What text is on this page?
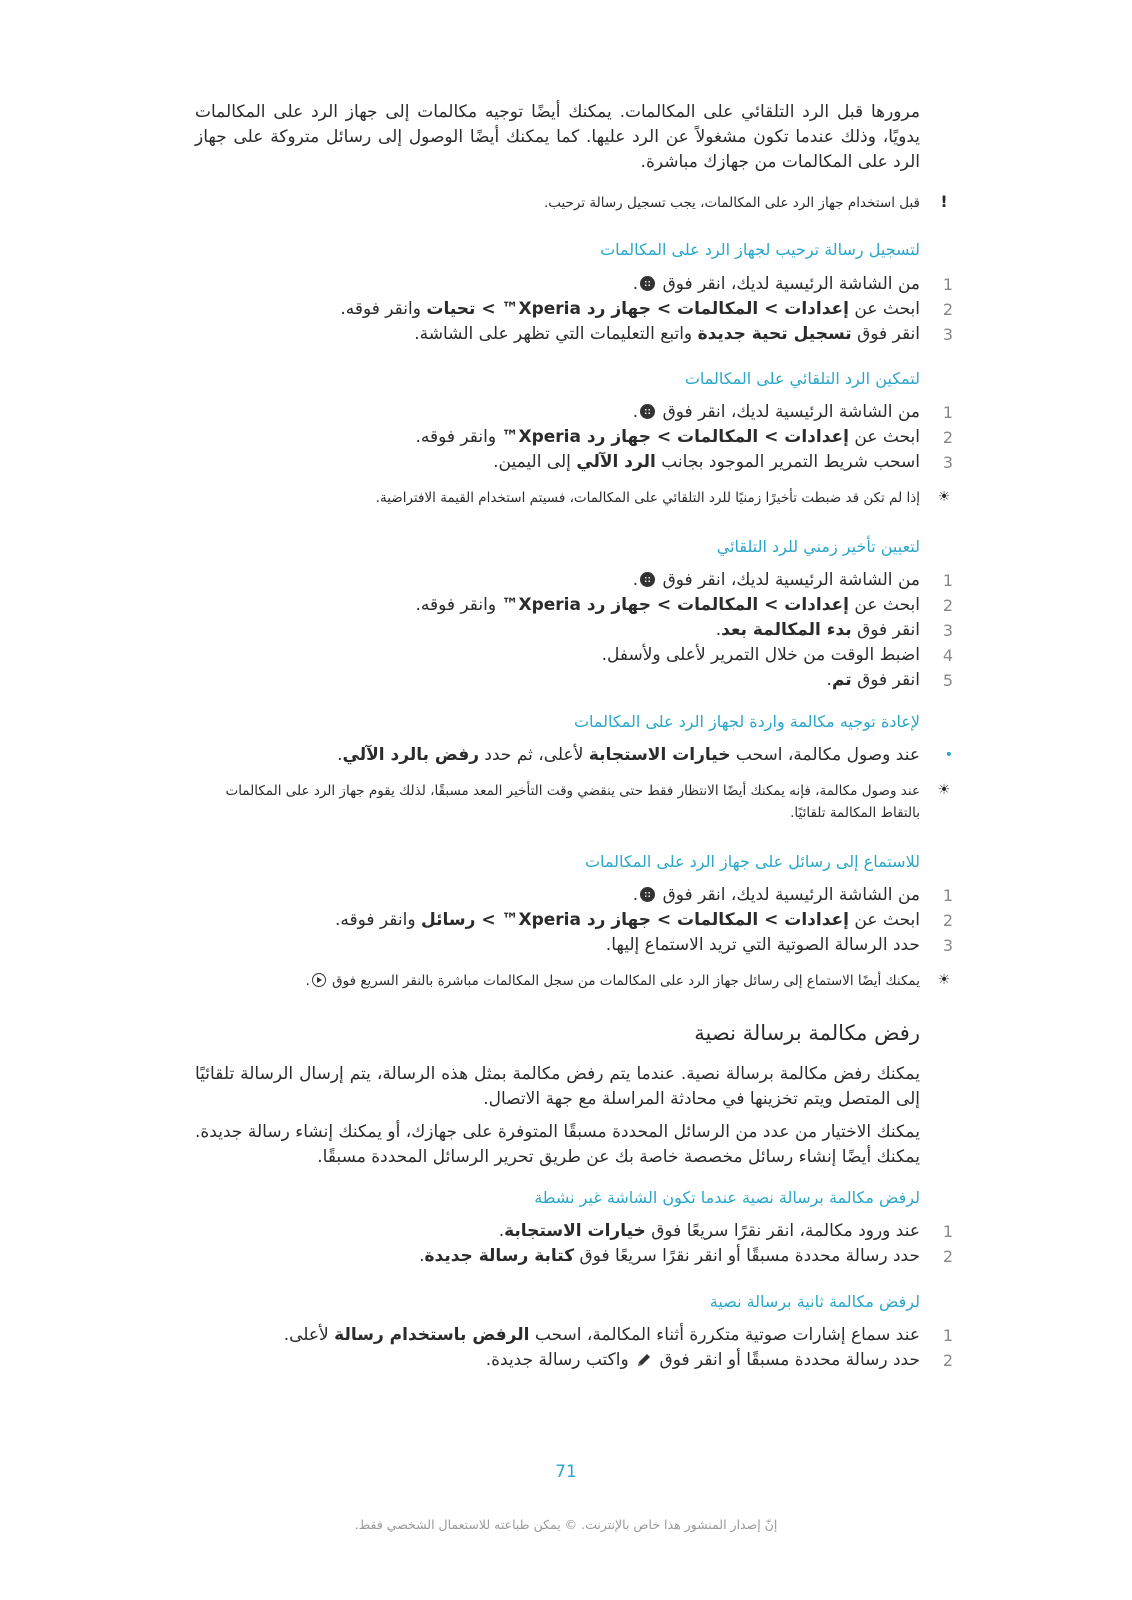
مرورها قبل الرد التلقائي على المكالمات. يمكنك أيضًا توجيه مكالمات إلى جهاز الرد على المكالمات يدويًا، وذلك عندما تكون مشغولاً عن الرد عليها. كما يمكنك أيضًا الوصول إلى رسائل متروكة على جهاز الرد على المكالمات من جهازك مباشرة.

!
قبل استخدام جهاز الرد على المكالمات، يجب تسجيل رسالة ترحيب.

لتسجيل رسالة ترحيب لجهاز الرد على المكالمات

1
من الشاشة الرئيسية لديك، انقر فوق .
2
ابحث عن إعدادات > المكالمات > جهاز رد Xperia™ > تحيات وانقر فوقه.
3
انقر فوق تسجيل تحية جديدة واتبع التعليمات التي تظهر على الشاشة.

لتمكين الرد التلقائي على المكالمات

1
من الشاشة الرئيسية لديك، انقر فوق .
2
ابحث عن إعدادات > المكالمات > جهاز رد Xperia™ وانقر فوقه.
3
اسحب شريط التمرير الموجود بجانب الرد الآلي إلى اليمين.
☀
إذا لم تكن قد ضبطت تأخيرًا زمنيًا للرد التلقائي على المكالمات، فسيتم استخدام القيمة الافتراضية.

لتعيين تأخير زمني للرد التلقائي

1
من الشاشة الرئيسية لديك، انقر فوق .
2
ابحث عن إعدادات > المكالمات > جهاز رد Xperia™ وانقر فوقه.
3
انقر فوق بدء المكالمة بعد.
4
اضبط الوقت من خلال التمرير لأعلى ولأسفل.
5
انقر فوق تم.

لإعادة توجيه مكالمة واردة لجهاز الرد على المكالمات

•
عند وصول مكالمة، اسحب خيارات الاستجابة لأعلى، ثم حدد رفض بالرد الآلي.
☀
عند وصول مكالمة، فإنه يمكنك أيضًا الانتظار فقط حتى ينقضي وقت التأخير المعد مسبقًا، لذلك يقوم جهاز الرد على المكالمات بالتقاط المكالمة تلقائيًا.

للاستماع إلى رسائل على جهاز الرد على المكالمات

1
من الشاشة الرئيسية لديك، انقر فوق .
2
ابحث عن إعدادات > المكالمات > جهاز رد Xperia™ > رسائل وانقر فوقه.
3
حدد الرسالة الصوتية التي تريد الاستماع إليها.
☀
يمكنك أيضًا الاستماع إلى رسائل جهاز الرد على المكالمات من سجل المكالمات مباشرة بالنقر السريع فوق .

رفض مكالمة برسالة نصية

يمكنك رفض مكالمة برسالة نصية. عندما يتم رفض مكالمة بمثل هذه الرسالة، يتم إرسال الرسالة تلقائيًا إلى المتصل ويتم تخزينها في محادثة المراسلة مع جهة الاتصال.

يمكنك الاختيار من عدد من الرسائل المحددة مسبقًا المتوفرة على جهازك، أو يمكنك إنشاء رسالة جديدة. يمكنك أيضًا إنشاء رسائل مخصصة خاصة بك عن طريق تحرير الرسائل المحددة مسبقًا.

لرفض مكالمة برسالة نصية عندما تكون الشاشة غير نشطة

1
عند ورود مكالمة، انقر نقرًا سريعًا فوق خيارات الاستجابة.
2
حدد رسالة محددة مسبقًا أو انقر نقرًا سريعًا فوق كتابة رسالة جديدة.

لرفض مكالمة ثانية برسالة نصية

1
عند سماع إشارات صوتية متكررة أثناء المكالمة، اسحب الرفض باستخدام رسالة لأعلى.
2
حدد رسالة محددة مسبقًا أو انقر فوق  واكتب رسالة جديدة.
71
إنّ إصدار المنشور هذا خاص بالإنترنت. © يمكن طباعته للاستعمال الشخصي فقط.
